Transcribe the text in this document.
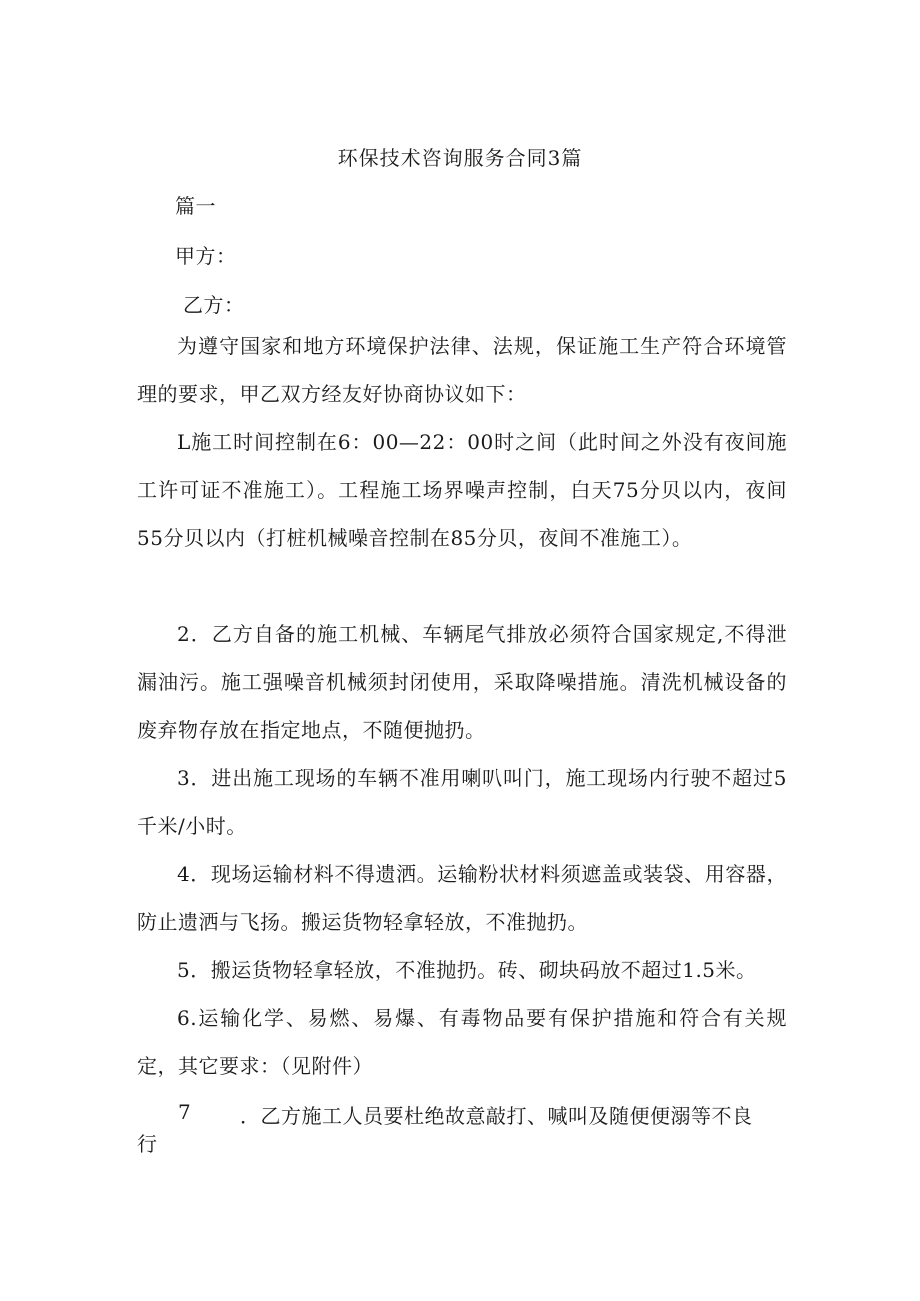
环保技术咨询服务合同3篇
篇一
甲方：
乙方：
为遵守国家和地方环境保护法律、法规，保证施工生产符合环境管理的要求，甲乙双方经友好协商协议如下：
L施工时间控制在6：00—22：00时之间（此时间之外没有夜间施工许可证不准施工）。工程施工场界噪声控制，白天75分贝以内，夜间55分贝以内（打桩机械噪音控制在85分贝，夜间不准施工）。
2．乙方自备的施工机械、车辆尾气排放必须符合国家规定,不得泄漏油污。施工强噪音机械须封闭使用，采取降噪措施。清洗机械设备的废弃物存放在指定地点，不随便抛扔。
3．进出施工现场的车辆不准用喇叭叫门，施工现场内行驶不超过5千米/小时。
4．现场运输材料不得遗洒。运输粉状材料须遮盖或装袋、用容器，防止遗洒与飞扬。搬运货物轻拿轻放，不准抛扔。
5．搬运货物轻拿轻放，不准抛扔。砖、砌块码放不超过1.5米。
6.运输化学、易燃、易爆、有毒物品要有保护措施和符合有关规定，其它要求：（见附件）
7 ．乙方施工人员要杜绝故意敲打、喊叫及随便便溺等不良
行
